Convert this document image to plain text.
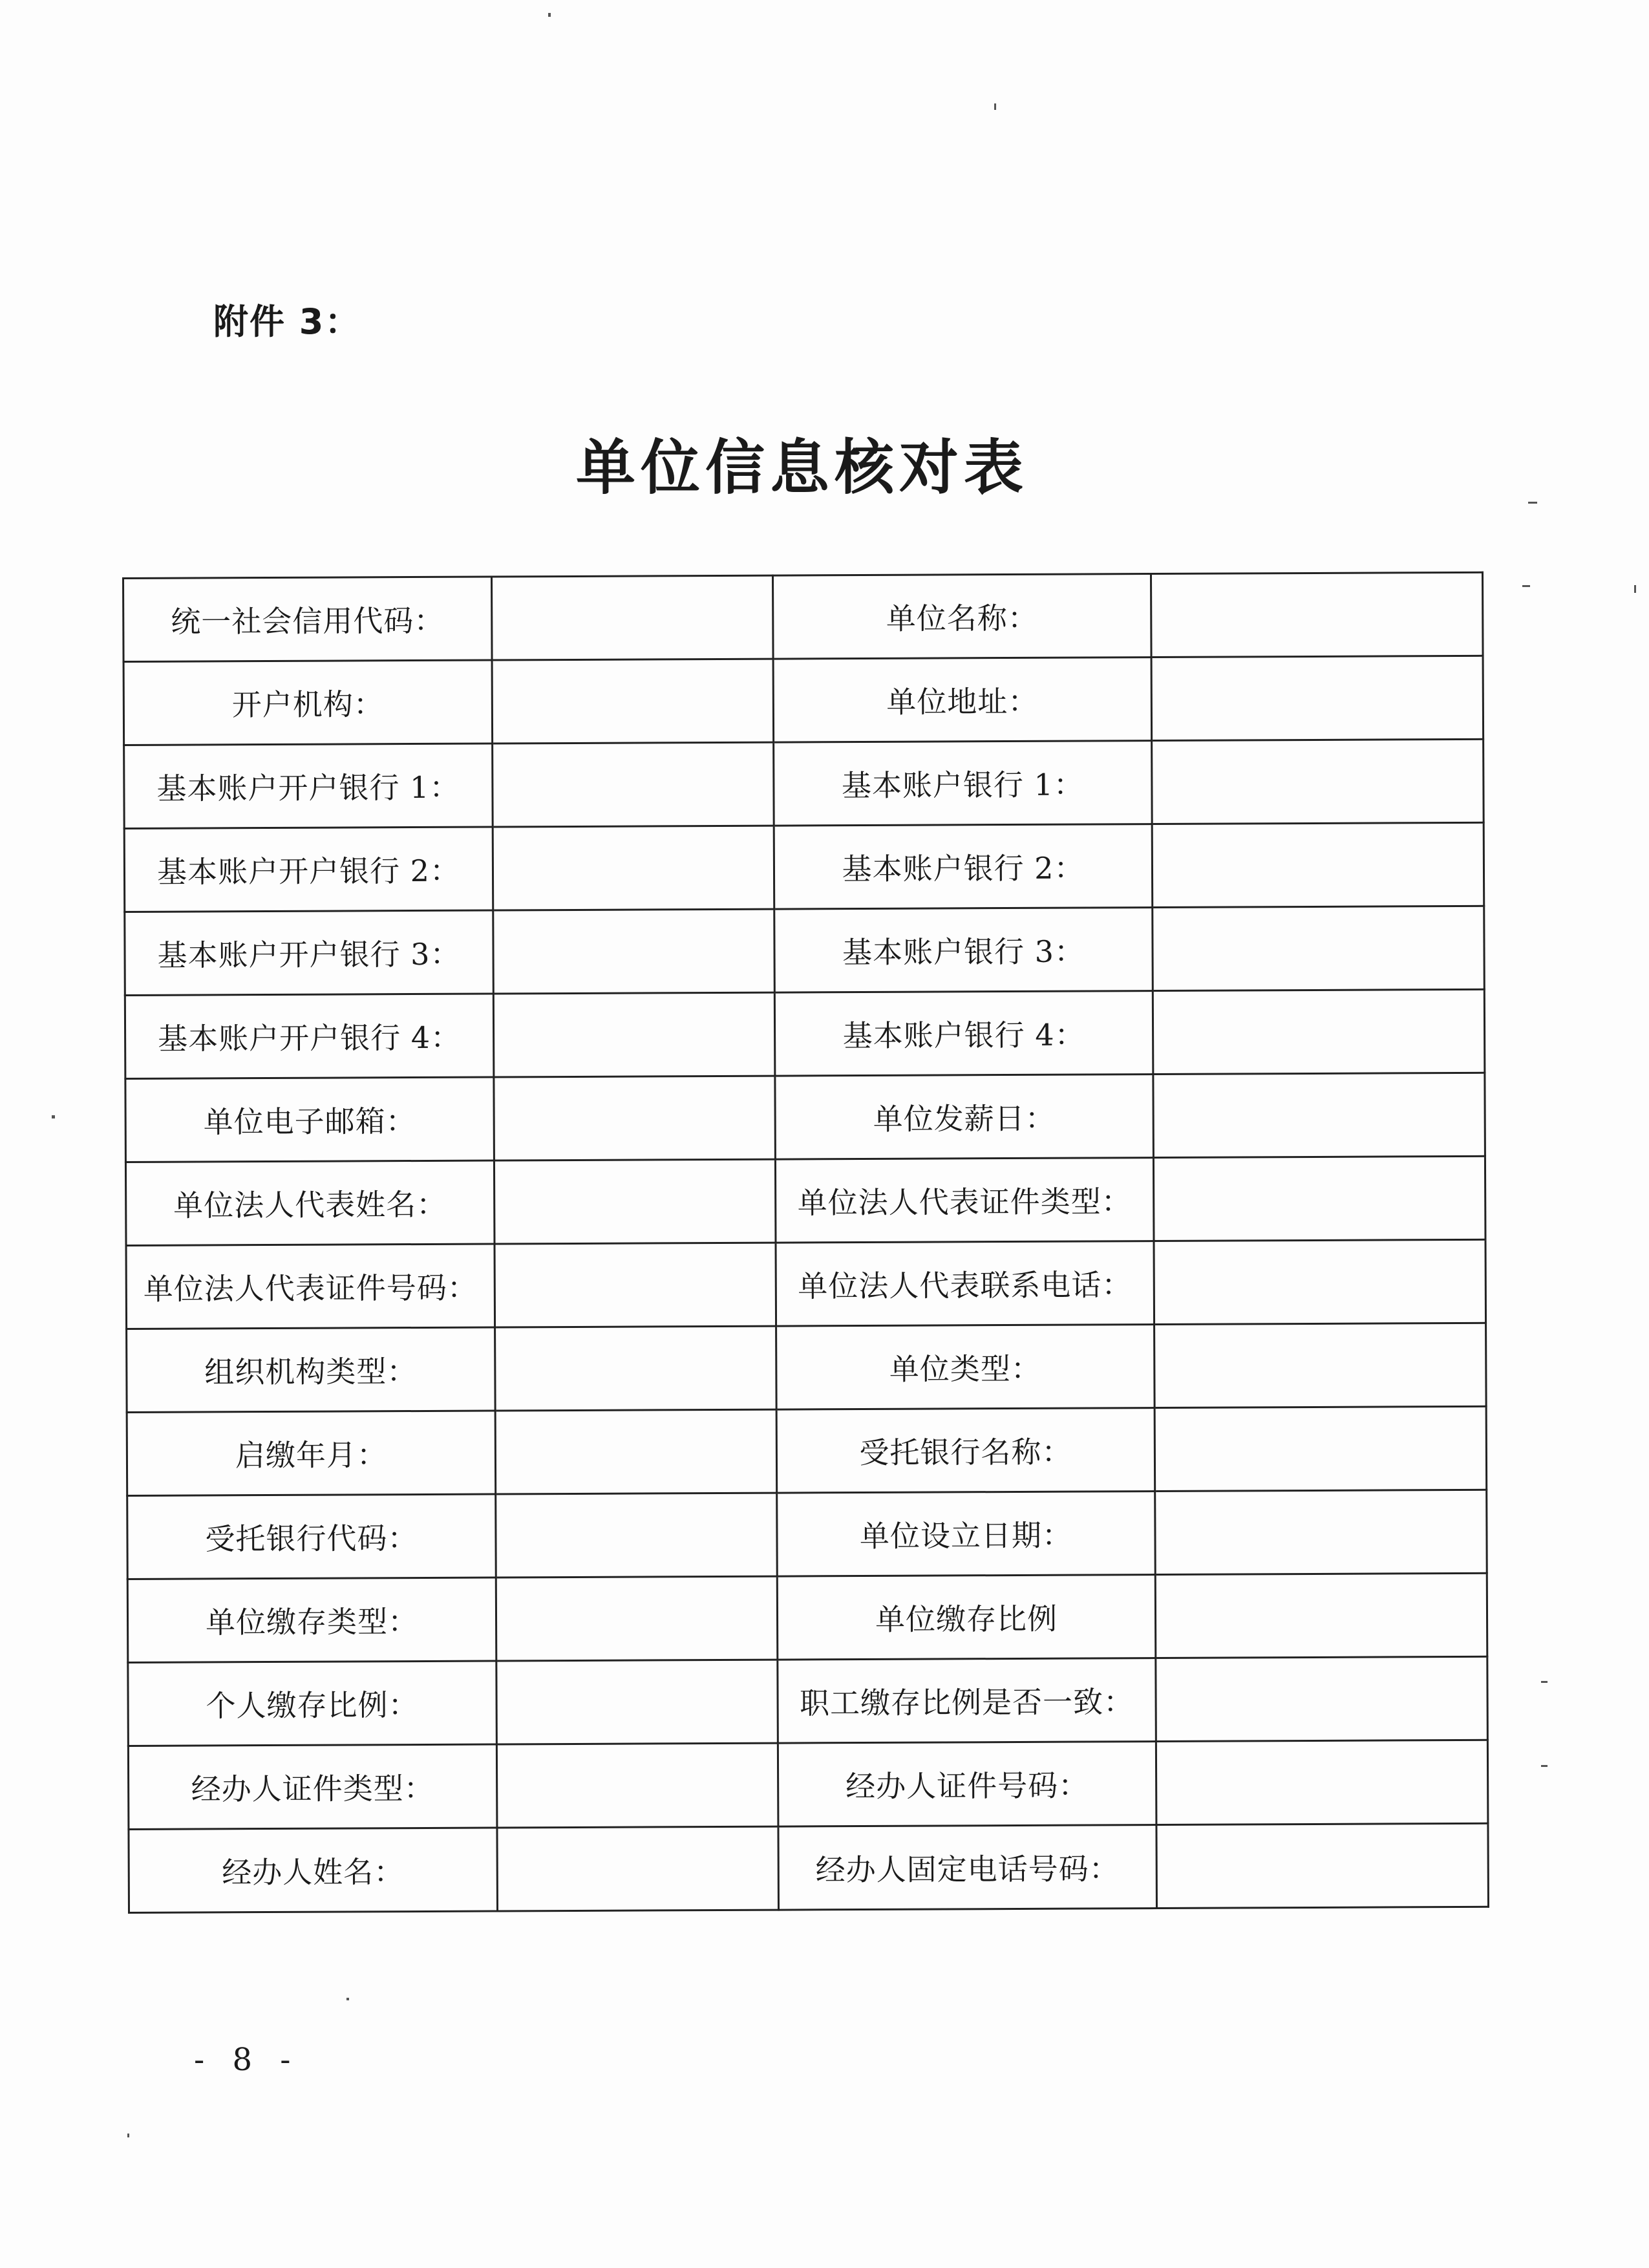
附件 3：
单位信息核对表
统一社会信用代码：		单位名称：	
开户机构：		单位地址：	
基本账户开户银行 1：		基本账户银行 1：	
基本账户开户银行 2：		基本账户银行 2：	
基本账户开户银行 3：		基本账户银行 3：	
基本账户开户银行 4：		基本账户银行 4：	
单位电子邮箱：		单位发薪日：	
单位法人代表姓名：		单位法人代表证件类型：	
单位法人代表证件号码：		单位法人代表联系电话：	
组织机构类型：		单位类型：	
启缴年月：		受托银行名称：	
受托银行代码：		单位设立日期：	
单位缴存类型：		单位缴存比例	
个人缴存比例：		职工缴存比例是否一致：	
经办人证件类型：		经办人证件号码：	
经办人姓名：		经办人固定电话号码：	
- 8 -
